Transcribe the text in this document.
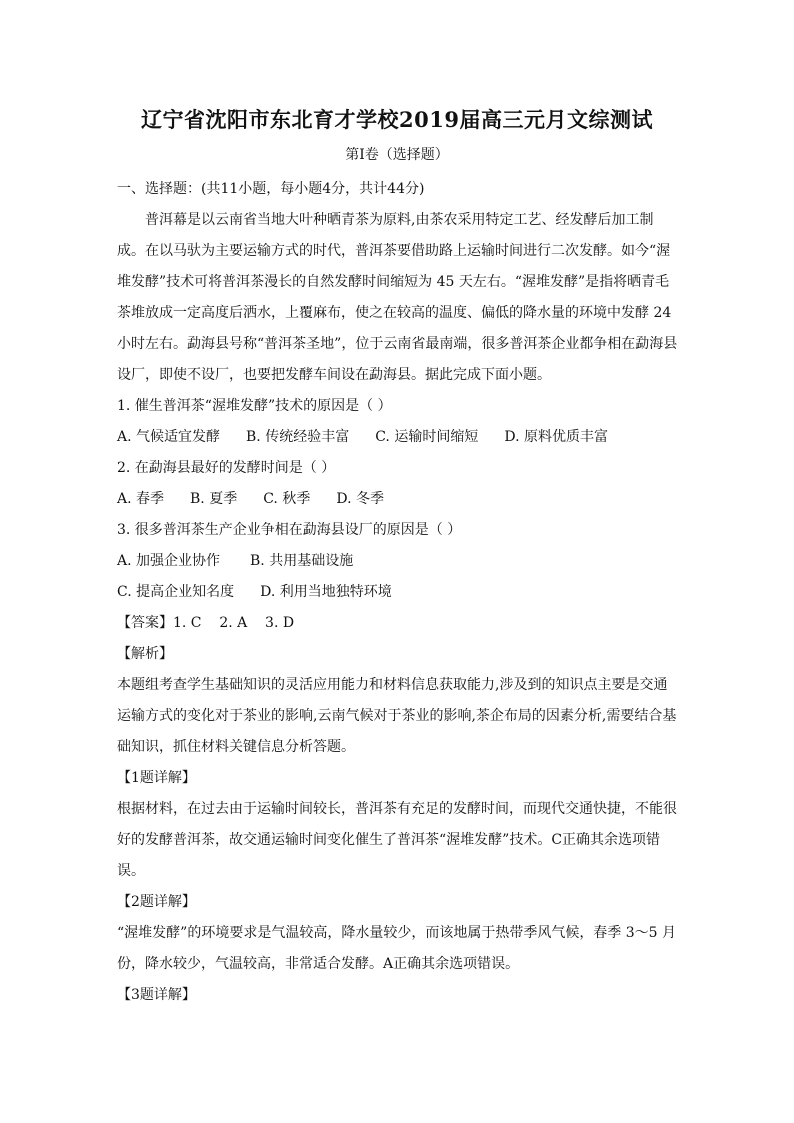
辽宁省沈阳市东北育才学校2019届高三元月文综测试
第Ⅰ卷（选择题）

一、选择题：(共11小题，每小题4分，共计44分)

普洱幕是以云南省当地大叶种晒青茶为原料,由茶农采用特定工艺、经发酵后加工制成。在以马驮为主要运输方式的时代，普洱茶要借助路上运输时间进行二次发酵。如今“渥堆发酵”技术可将普洱茶漫长的自然发酵时间缩短为 45 天左右。“渥堆发酵”是指将晒青毛茶堆放成一定高度后洒水，上覆麻布，使之在较高的温度、偏低的降水量的环境中发酵 24 小时左右。勐海县号称“普洱茶圣地”，位于云南省最南端，很多普洱茶企业都争相在勐海县设厂，即使不设厂，也要把发酵车间设在勐海县。据此完成下面小题。

1. 催生普洱茶“渥堆发酵”技术的原因是（ ）

A. 气候适宜发酵 B. 传统经验丰富 C. 运输时间缩短 D. 原料优质丰富

2. 在勐海县最好的发酵时间是（ ）

A. 春季 B. 夏季 C. 秋季 D. 冬季

3. 很多普洱茶生产企业争相在勐海县设厂的原因是（ ）

A. 加强企业协作 B. 共用基础设施

C. 提高企业知名度 D. 利用当地独特环境

【答案】1. C    2. A    3. D

【解析】

本题组考查学生基础知识的灵活应用能力和材料信息获取能力,涉及到的知识点主要是交通运输方式的变化对于茶业的影响,云南气候对于茶业的影响,茶企布局的因素分析,需要结合基础知识，抓住材料关键信息分析答题。

【1题详解】

根据材料，在过去由于运输时间较长，普洱茶有充足的发酵时间，而现代交通快捷，不能很好的发酵普洱茶，故交通运输时间变化催生了普洱茶“渥堆发酵”技术。C正确其余选项错误。

【2题详解】

“渥堆发酵”的环境要求是气温较高，降水量较少，而该地属于热带季风气候，春季 3～5 月份，降水较少，气温较高，非常适合发酵。A正确其余选项错误。

【3题详解】
